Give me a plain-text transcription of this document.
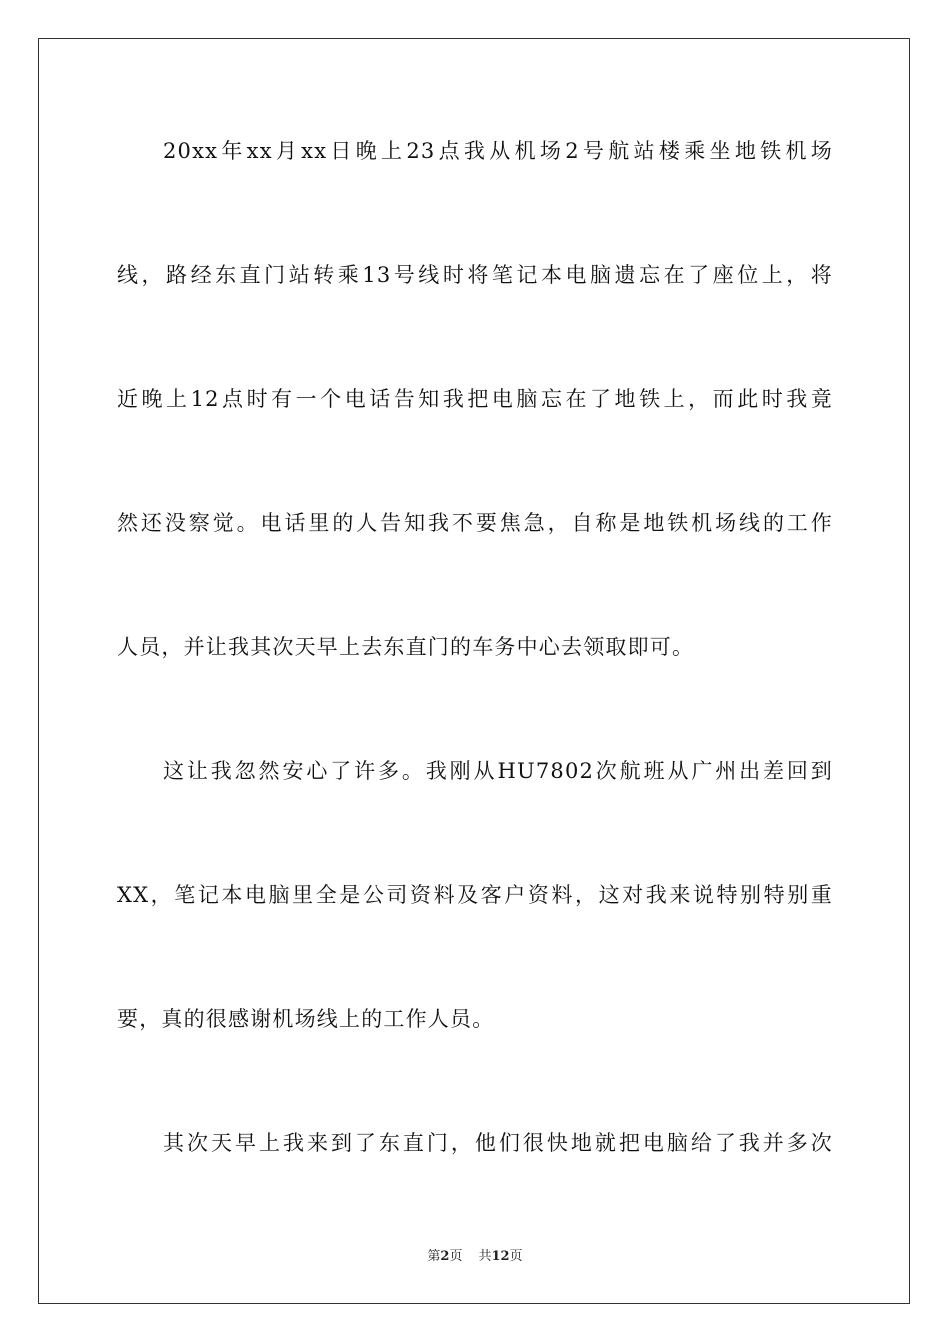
20xx年xx月xx日晚上23点我从机场2号航站楼乘坐地铁机场
线，路经东直门站转乘13号线时将笔记本电脑遗忘在了座位上，将
近晚上12点时有一个电话告知我把电脑忘在了地铁上，而此时我竟
然还没察觉。电话里的人告知我不要焦急，自称是地铁机场线的工作
人员，并让我其次天早上去东直门的车务中心去领取即可。
这让我忽然安心了许多。我刚从HU7802次航班从广州出差回到
XX，笔记本电脑里全是公司资料及客户资料，这对我来说特别特别重
要，真的很感谢机场线上的工作人员。
其次天早上我来到了东直门，他们很快地就把电脑给了我并多次
第2页 共12页
